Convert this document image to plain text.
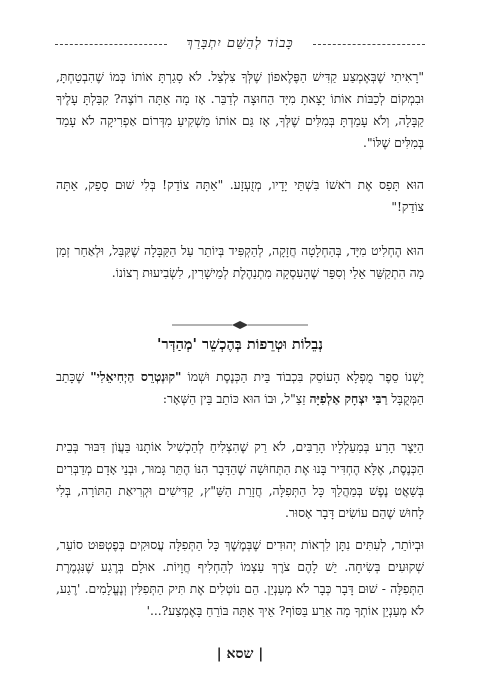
כָּבוֹד לְהַשֵּׁם יִתְבָּרַךְ

"רָאִיתִי שֶׁבְּאֶמְצַע קַדִּישׁ הַפֶּלֶאפוֹן שֶׁלְּךָ צִלְצֵל. לֹא סָגַרְתָּ אוֹתוֹ כְּמוֹ שֶׁהִבְטַחְתָּ, וּבִמְקוֹם לְכַבּוֹת אוֹתוֹ יָצָאתָ מִיָּד הַחוּצָה לְדַבֵּר. אָז מָה אַתָּה רוֹצֶה? קִבַּלְתָּ עָלֶיךָ קַבָּלָה, וְלֹא עָמַדְתָּ בְּמִלִּים שֶׁלְּךָ, אָז גַּם אוֹתוֹ מַשְׁקִיעַ מִדְּרוֹם אַפְרִיקָה לֹא עָמַד בְּמִלִּים שֶׁלּוֹ".

הוּא תָּפַס אֶת רֹאשׁוֹ בִּשְׁתֵּי יָדָיו, מְזֻעְזָע. "אַתָּה צוֹדֵק! בְּלִי שׁוּם סָפֵק, אַתָּה צוֹדֵק!"

הוּא הֶחְלִיט מִיָּד, בְּהַחְלָטָה חֲזָקָה, לְהַקְפִּיד בְּיוֹתֵר עַל הַקַּבָּלָה שֶׁקִּבֵּל, וּלְאַחַר זְמַן מָה הִתְקַשֵּׁר אֵלַי וְסִפֵּר שֶׁהָעִסְקָה מִתְנַהֶלֶת לְמֵישָׁרִין, לִשְׂבִיעוּת רְצוֹנוֹ.

נְבֵלוֹת וּטְרֵפוֹת בְּהֶכְשֵׁר 'מְהַדְּר'

יֶשְׁנוֹ סֵפֶר מֻפְלָא הָעוֹסֵק בִּכְבוֹד בֵּית הַכְּנֶסֶת וּשְׁמוֹ "קוּנְטְרֵס הַיְחִיאֵלִי" שֶׁכָּתַב הַמְּקֻבָּל רַבִּי יִצְחָק אַלְפִיָּה זַצַ"ל, וּבוֹ הוּא כּוֹתֵב בֵּין הַשְּׁאָר:

הַיֵּצֶר הָרַע בְּמַעַלְלָיו הָרַבִּים, לֹא רַק שֶׁהִצְלִיחַ לְהַכְשִׁיל אוֹתָנוּ בַּעֲוֹן דִּבּוּר בְּבֵית הַכְּנֶסֶת, אֶלָּא הֶחְדִּיר בָּנוּ אֶת הַתְּחוּשָׁה שֶׁהַדָּבָר הִנּוֹ הֶתֵּר גָּמוּר, וּבְנֵי אָדָם מְדַבְּרִים בְּשַׁאֲט נֶפֶשׁ בְּמַהֲלַךְ כָּל הַתְּפִלָּה, חֲזָרַת הַשַּׁ"ץ, קַדִּישִׁים וּקְרִיאַת הַתּוֹרָה, בְּלִי לָחוּשׁ שֶׁהֵם עוֹשִׂים דָּבָר אָסוּר.

וּבְיוֹתֵר, לְעִתִּים נִתָּן לִרְאוֹת יְהוּדִים שֶׁבְּמֶשֶׁךְ כָּל הַתְּפִלָּה עֲסוּקִים בְּפֶטְפּוּט סוֹעֵר, שְׁקוּעִים בְּשִׂיחָה. יֵשׁ לָהֶם צֹרֶךְ עַצְמוֹ לְהַחְלִיף חֲוָיוֹת. אוּלָם בְּרֶגַע שֶׁנִּגְמֶרֶת הַתְּפִלָּה - שׁוּם דָּבָר כְּבָר לֹא מְעַנְיֵן. הֵם נוֹטְלִים אֶת תִּיק הַתְּפִלִּין וְנֶעֱלָמִים. 'רֶגַע, לֹא מְעַנְיֵן אוֹתְךָ מָה אֵרַע בַּסּוֹף? אֵיךְ אַתָּה בּוֹרֵחַ בָּאֶמְצַע?...'

| שסא |
